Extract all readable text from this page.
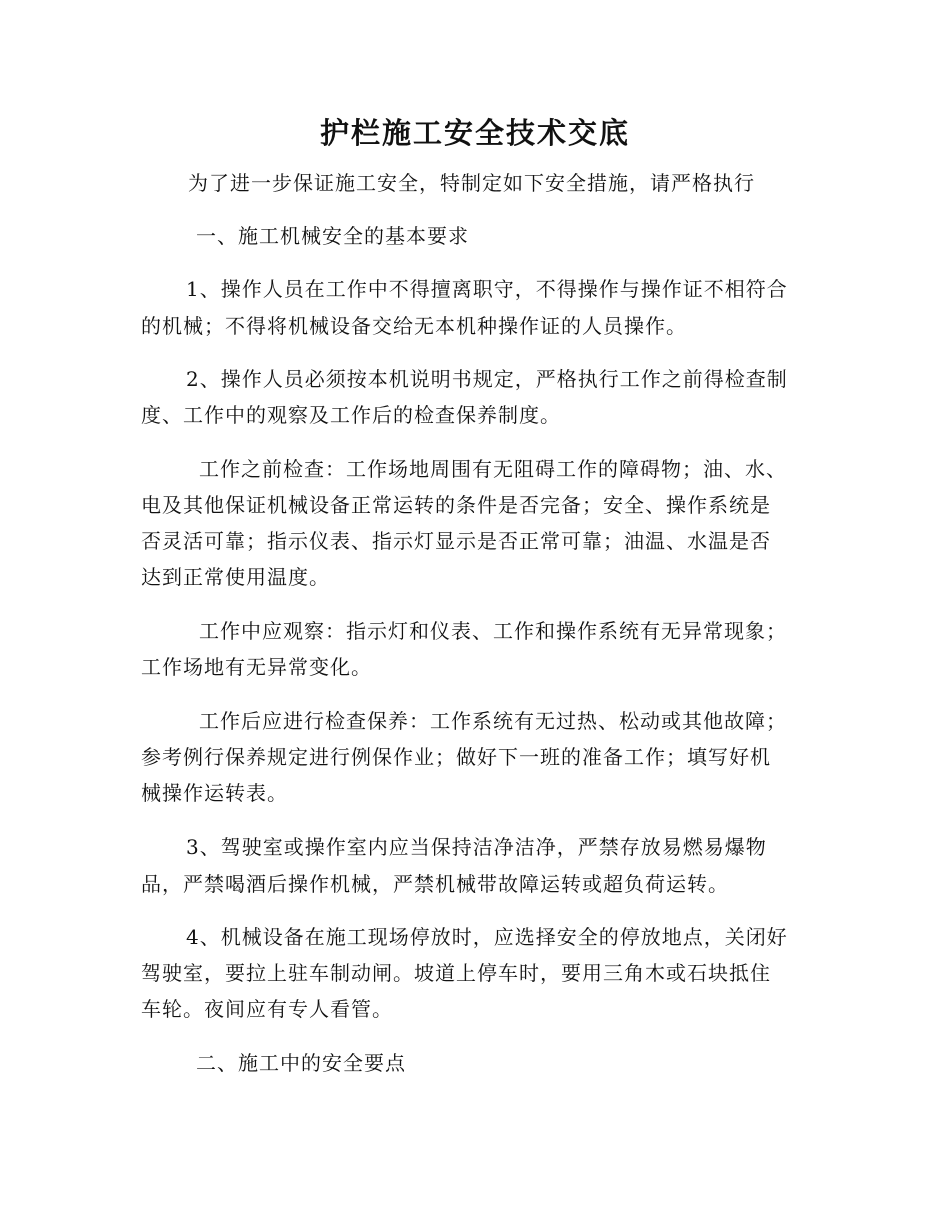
护栏施工安全技术交底
为了进一步保证施工安全，特制定如下安全措施，请严格执行
一、施工机械安全的基本要求
1、操作人员在工作中不得擅离职守，不得操作与操作证不相符合
的机械；不得将机械设备交给无本机种操作证的人员操作。
2、操作人员必须按本机说明书规定，严格执行工作之前得检查制
度、工作中的观察及工作后的检查保养制度。
工作之前检查：工作场地周围有无阻碍工作的障碍物；油、水、
电及其他保证机械设备正常运转的条件是否完备；安全、操作系统是
否灵活可靠；指示仪表、指示灯显示是否正常可靠；油温、水温是否
达到正常使用温度。
工作中应观察：指示灯和仪表、工作和操作系统有无异常现象；
工作场地有无异常变化。
工作后应进行检查保养：工作系统有无过热、松动或其他故障；
参考例行保养规定进行例保作业；做好下一班的准备工作；填写好机
械操作运转表。
3、驾驶室或操作室内应当保持洁净洁净，严禁存放易燃易爆物
品，严禁喝酒后操作机械，严禁机械带故障运转或超负荷运转。
4、机械设备在施工现场停放时，应选择安全的停放地点，关闭好
驾驶室，要拉上驻车制动闸。坡道上停车时，要用三角木或石块抵住
车轮。夜间应有专人看管。
二、施工中的安全要点
